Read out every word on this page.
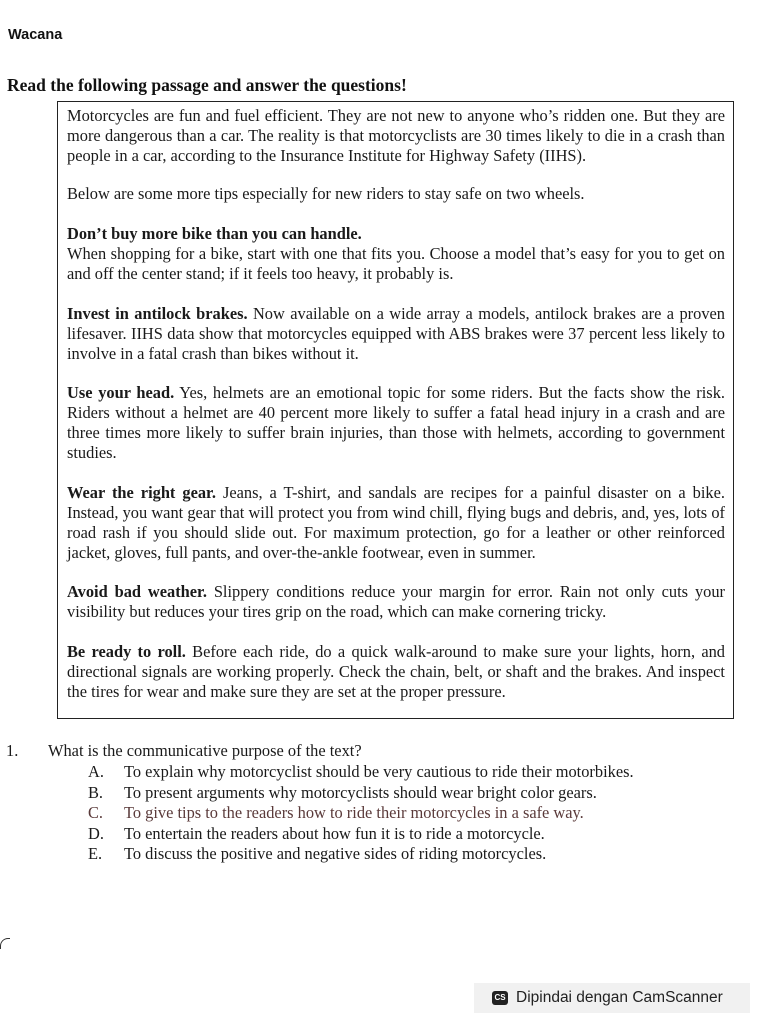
Wacana
Read the following passage and answer the questions!

Motorcycles are fun and fuel efficient. They are not new to anyone who’s ridden one. But they are more dangerous than a car. The reality is that motorcyclists are 30 times likely to die in a crash than people in a car, according to the Insurance Institute for Highway Safety (IIHS).

Below are some more tips especially for new riders to stay safe on two wheels.

Don’t buy more bike than you can handle.
When shopping for a bike, start with one that fits you. Choose a model that’s easy for you to get on and off the center stand; if it feels too heavy, it probably is.

Invest in antilock brakes. Now available on a wide array a models, antilock brakes are a proven lifesaver. IIHS data show that motorcycles equipped with ABS brakes were 37 percent less likely to involve in a fatal crash than bikes without it.

Use your head. Yes, helmets are an emotional topic for some riders. But the facts show the risk. Riders without a helmet are 40 percent more likely to suffer a fatal head injury in a crash and are three times more likely to suffer brain injuries, than those with helmets, according to government studies.

Wear the right gear. Jeans, a T-shirt, and sandals are recipes for a painful disaster on a bike. Instead, you want gear that will protect you from wind chill, flying bugs and debris, and, yes, lots of road rash if you should slide out. For maximum protection, go for a leather or other reinforced jacket, gloves, full pants, and over-the-ankle footwear, even in summer.

Avoid bad weather. Slippery conditions reduce your margin for error. Rain not only cuts your visibility but reduces your tires grip on the road, which can make cornering tricky.

Be ready to roll. Before each ride, do a quick walk-around to make sure your lights, horn, and directional signals are working properly. Check the chain, belt, or shaft and the brakes. And inspect the tires for wear and make sure they are set at the proper pressure.

1. What is the communicative purpose of the text?
A.	To explain why motorcyclist should be very cautious to ride their motorbikes.
B.	To present arguments why motorcyclists should wear bright color gears.
C.	To give tips to the readers how to ride their motorcycles in a safe way.
D.	To entertain the readers about how fun it is to ride a motorcycle.
E.	To discuss the positive and negative sides of riding motorcycles.
CS Dipindai dengan CamScanner
